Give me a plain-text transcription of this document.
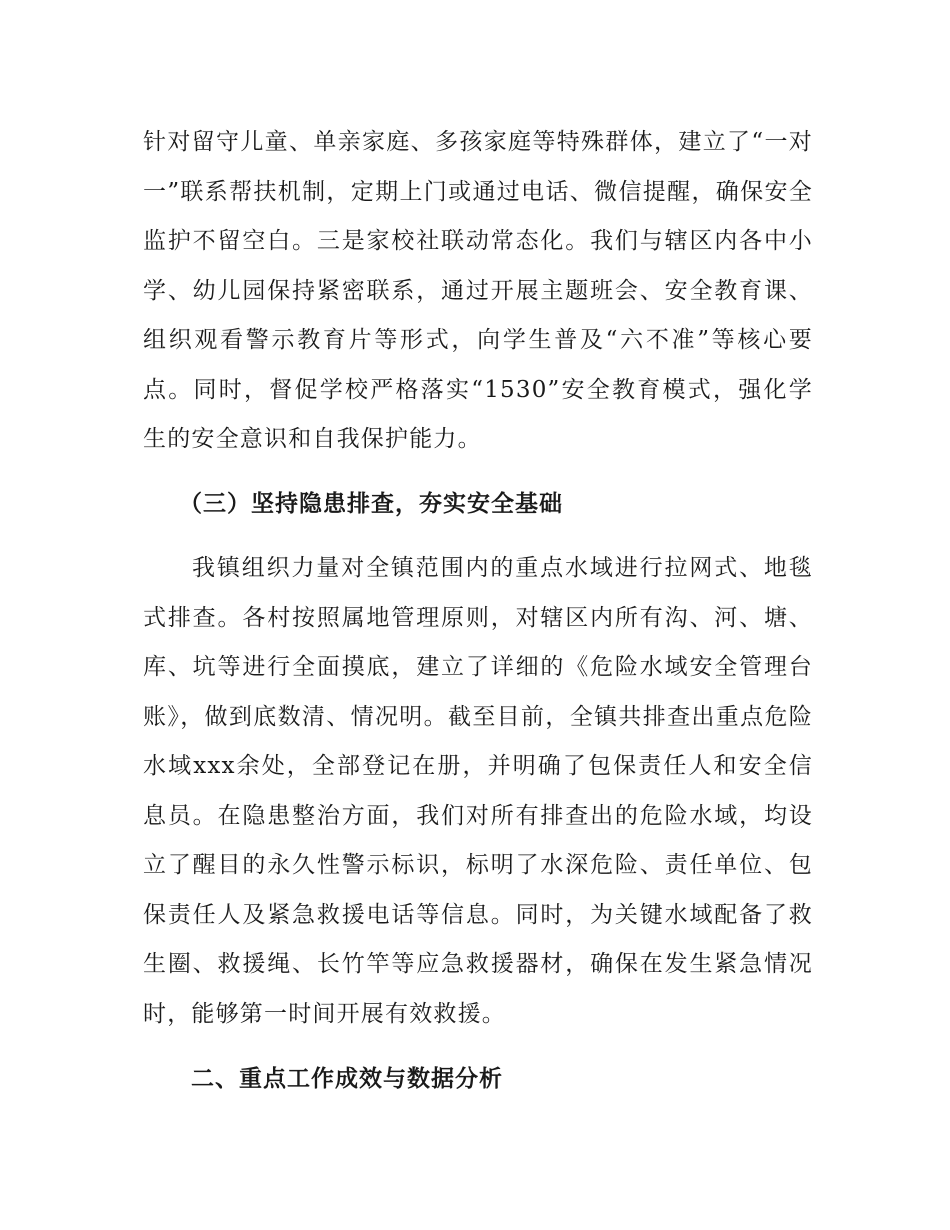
针对留守儿童、单亲家庭、多孩家庭等特殊群体，建立了“一对一”联系帮扶机制，定期上门或通过电话、微信提醒，确保安全监护不留空白。三是家校社联动常态化。我们与辖区内各中小学、幼儿园保持紧密联系，通过开展主题班会、安全教育课、组织观看警示教育片等形式，向学生普及“六不准”等核心要点。同时，督促学校严格落实“1530”安全教育模式，强化学生的安全意识和自我保护能力。

（三）坚持隐患排查，夯实安全基础

我镇组织力量对全镇范围内的重点水域进行拉网式、地毯式排查。各村按照属地管理原则，对辖区内所有沟、河、塘、库、坑等进行全面摸底，建立了详细的《危险水域安全管理台账》，做到底数清、情况明。截至目前，全镇共排查出重点危险水域xxx余处，全部登记在册，并明确了包保责任人和安全信息员。在隐患整治方面，我们对所有排查出的危险水域，均设立了醒目的永久性警示标识，标明了水深危险、责任单位、包保责任人及紧急救援电话等信息。同时，为关键水域配备了救生圈、救援绳、长竹竿等应急救援器材，确保在发生紧急情况时，能够第一时间开展有效救援。

二、重点工作成效与数据分析
